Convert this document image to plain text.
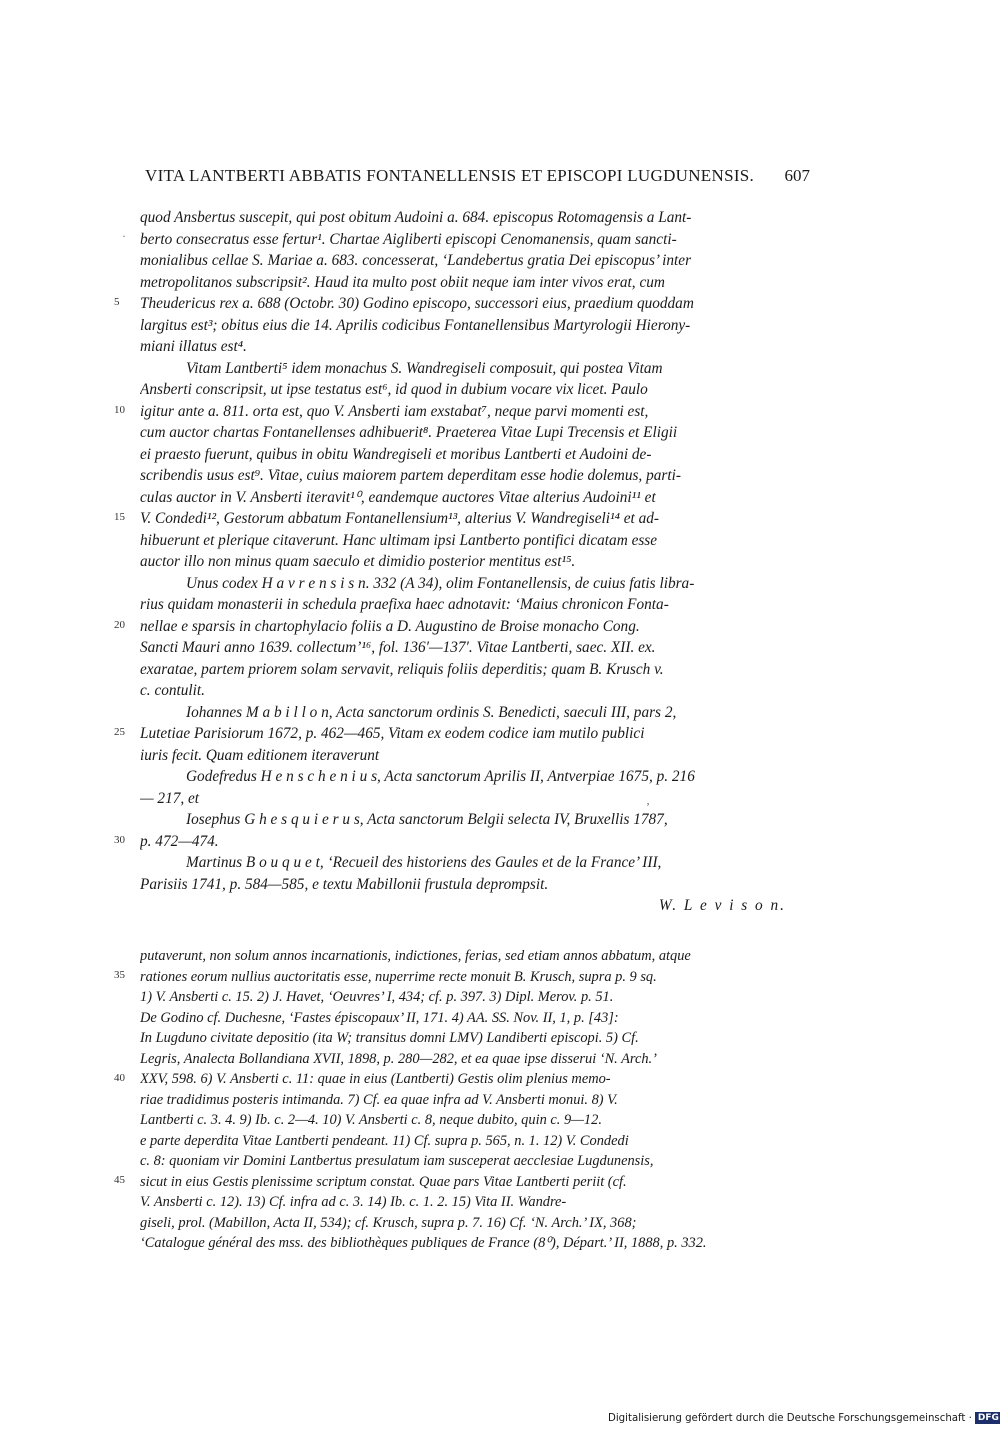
VITA LANTBERTI ABBATIS FONTANELLENSIS ET EPISCOPI LUGDUNENSIS. 607
·
quod Ansbertus suscepit, qui post obitum Audoini a. 684. episcopus Rotomagensis a Lant-
berto consecratus esse fertur¹. Chartae Aigliberti episcopi Cenomanensis, quam sancti-
monialibus cellae S. Mariae a. 683. concesserat, ‘Landebertus gratia Dei episcopus’ inter
metropolitanos subscripsit². Haud ita multo post obiit neque iam inter vivos erat, cum
Theudericus rex a. 688 (Octobr. 30) Godino episcopo, successori eius, praedium quoddam
largitus est³; obitus eius die 14. Aprilis codicibus Fontanellensibus Martyrologii Hierony-
miani illatus est⁴.
Vitam Lantberti⁵ idem monachus S. Wandregiseli composuit, qui postea Vitam
Ansberti conscripsit, ut ipse testatus est⁶, id quod in dubium vocare vix licet. Paulo
igitur ante a. 811. orta est, quo V. Ansberti iam exstabat⁷, neque parvi momenti est,
cum auctor chartas Fontanellenses adhibuerit⁸. Praeterea Vitae Lupi Trecensis et Eligii
ei praesto fuerunt, quibus in obitu Wandregiseli et moribus Lantberti et Audoini de-
scribendis usus est⁹. Vitae, cuius maiorem partem deperditam esse hodie dolemus, parti-
culas auctor in V. Ansberti iteravit¹⁰, eandemque auctores Vitae alterius Audoini¹¹ et
V. Condedi¹², Gestorum abbatum Fontanellensium¹³, alterius V. Wandregiseli¹⁴ et ad-
hibuerunt et plerique citaverunt. Hanc ultimam ipsi Lantberto pontifici dicatam esse
auctor illo non minus quam saeculo et dimidio posterior mentitus est¹⁵.
Unus codex H a v r e n s i s n. 332 (A 34), olim Fontanellensis, de cuius fatis libra-
rius quidam monasterii in schedula praefixa haec adnotavit: ‘Maius chronicon Fonta-
nellae e sparsis in chartophylacio foliis a D. Augustino de Broise monacho Cong.
Sancti Mauri anno 1639. collectum’¹⁶, fol. 136′—137′. Vitae Lantberti, saec. XII. ex.
exaratae, partem priorem solam servavit, reliquis foliis deperditis; quam B. Krusch v.
c. contulit.
Iohannes M a b i l l o n, Acta sanctorum ordinis S. Benedicti, saeculi III, pars 2,
Lutetiae Parisiorum 1672, p. 462—465, Vitam ex eodem codice iam mutilo publici
iuris fecit. Quam editionem iteraverunt
Godefredus H e n s c h e n i u s, Acta sanctorum Aprilis II, Antverpiae 1675, p. 216
— 217, et
Iosephus G h e s q u i e r u s, Acta sanctorum Belgii selecta IV, Bruxellis 1787,
p. 472—474.
Martinus B o u q u e t, ‘Recueil des historiens des Gaules et de la France’ III,
Parisiis 1741, p. 584—585, e textu Mabillonii frustula deprompsit.
W. L e v i s o n.
‚
5
10
15
20
25
30
putaverunt, non solum annos incarnationis, indictiones, ferias, sed etiam annos abbatum, atque
rationes eorum nullius auctoritatis esse, nuperrime recte monuit B. Krusch, supra p. 9 sq.
1) V. Ansberti c. 15. 2) J. Havet, ‘Oeuvres’ I, 434; cf. p. 397. 3) Dipl. Merov. p. 51.
De Godino cf. Duchesne, ‘Fastes épiscopaux’ II, 171. 4) AA. SS. Nov. II, 1, p. [43]:
In Lugduno civitate depositio (ita W; transitus domni LMV) Landiberti episcopi. 5) Cf.
Legris, Analecta Bollandiana XVII, 1898, p. 280—282, et ea quae ipse disserui ‘N. Arch.’
XXV, 598. 6) V. Ansberti c. 11: quae in eius (Lantberti) Gestis olim plenius memo-
riae tradidimus posteris intimanda. 7) Cf. ea quae infra ad V. Ansberti monui. 8) V.
Lantberti c. 3. 4. 9) Ib. c. 2—4. 10) V. Ansberti c. 8, neque dubito, quin c. 9—12.
e parte deperdita Vitae Lantberti pendeant. 11) Cf. supra p. 565, n. 1. 12) V. Condedi
c. 8: quoniam vir Domini Lantbertus presulatum iam susceperat aecclesiae Lugdunensis,
sicut in eius Gestis plenissime scriptum constat. Quae pars Vitae Lantberti periit (cf.
V. Ansberti c. 12). 13) Cf. infra ad c. 3. 14) Ib. c. 1. 2. 15) Vita II. Wandre-
giseli, prol. (Mabillon, Acta II, 534); cf. Krusch, supra p. 7. 16) Cf. ‘N. Arch.’ IX, 368;
‘Catalogue général des mss. des bibliothèques publiques de France (8⁰), Départ.’ II, 1888, p. 332.
35
40
45
Digitalisierung gefördert durch die Deutsche Forschungsgemeinschaft · DFG
